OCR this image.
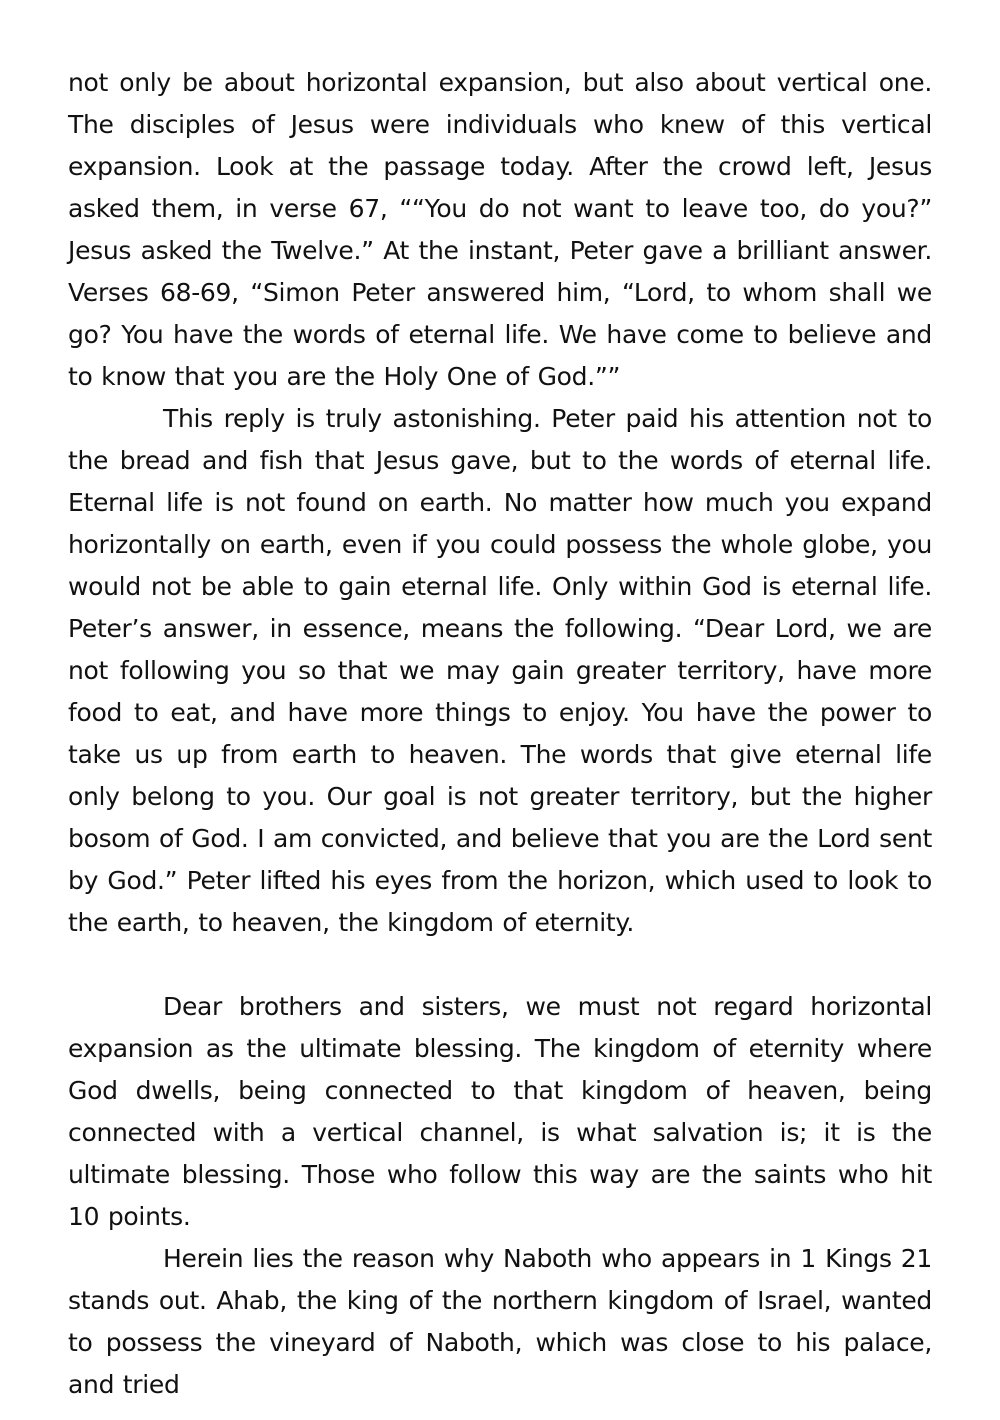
not only be about horizontal expansion, but also about vertical one. The disciples of Jesus were individuals who knew of this vertical expansion. Look at the passage today. After the crowd left, Jesus asked them, in verse 67, ““You do not want to leave too, do you?” Jesus asked the Twelve.” At the instant, Peter gave a brilliant answer. Verses 68-69, “Simon Peter answered him, “Lord, to whom shall we go? You have the words of eternal life. We have come to believe and to know that you are the Holy One of God.””

This reply is truly astonishing. Peter paid his attention not to the bread and fish that Jesus gave, but to the words of eternal life. Eternal life is not found on earth. No matter how much you expand horizontally on earth, even if you could possess the whole globe, you would not be able to gain eternal life. Only within God is eternal life. Peter’s answer, in essence, means the following. “Dear Lord, we are not following you so that we may gain greater territory, have more food to eat, and have more things to enjoy. You have the power to take us up from earth to heaven. The words that give eternal life only belong to you. Our goal is not greater territory, but the higher bosom of God. I am convicted, and believe that you are the Lord sent by God.” Peter lifted his eyes from the horizon, which used to look to the earth, to heaven, the kingdom of eternity.

Dear brothers and sisters, we must not regard horizontal expansion as the ultimate blessing. The kingdom of eternity where God dwells, being connected to that kingdom of heaven, being connected with a vertical channel, is what salvation is; it is the ultimate blessing. Those who follow this way are the saints who hit 10 points.

Herein lies the reason why Naboth who appears in 1 Kings 21 stands out. Ahab, the king of the northern kingdom of Israel, wanted to possess the vineyard of Naboth, which was close to his palace, and tried
